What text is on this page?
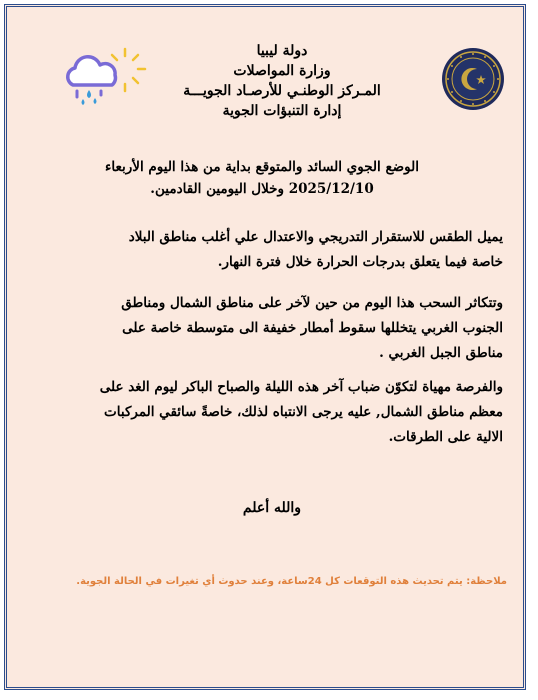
دولة ليبيا
وزارة المواصلات
المـركز الوطنـي للأرصـاد الجويـــة
إدارة التنبؤات الجوية
الوضع الجوي السائد والمتوقع بداية من هذا اليوم الأربعاء
2025/12/10 وخلال اليومين القادمين.
يميل الطقس للاستقرار التدريجي والاعتدال علي أغلب مناطق البلاد
خاصة فيما يتعلق بدرجات الحرارة خلال فترة النهار.
وتتكاثر السحب هذا اليوم من حين لآخر على مناطق الشمال ومناطق
الجنوب الغربي يتخللها سقوط أمطار خفيفة الى متوسطة خاصة على
مناطق الجبل الغربي .
والفرصة مهياة لتكوّن ضباب آخر هذه الليلة والصباح الباكر ليوم الغد على
معظم مناطق الشمال, عليه يرجى الانتباه لذلك، خاصةً سائقي المركبات
الالية على الطرقات.
والله أعلم
ملاحظة: يتم تحديث هذه التوقعات كل 24ساعة، وعند حدوث أي تغيرات في الحالة الجوية.
